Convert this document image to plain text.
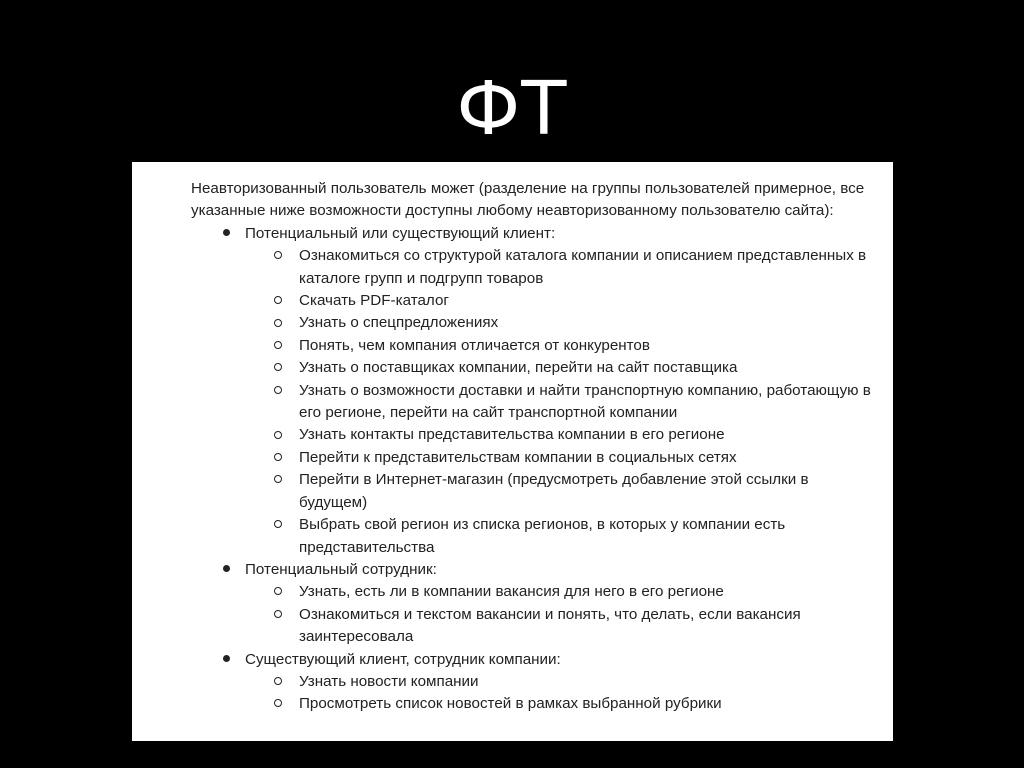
ФТ

Неавторизованный пользователь может (разделение на группы пользователей примерное, все указанные ниже возможности доступны любому неавторизованному пользователю сайта):

Потенциальный или существующий клиент:
Ознакомиться со структурой каталога компании и описанием представленных в каталоге групп и подгрупп товаров
Скачать PDF-каталог
Узнать о спецпредложениях
Понять, чем компания отличается от конкурентов
Узнать о поставщиках компании, перейти на сайт поставщика
Узнать о возможности доставки и найти транспортную компанию, работающую в его регионе, перейти на сайт транспортной компании
Узнать контакты представительства компании в его регионе
Перейти к представительствам компании в социальных сетях
Перейти в Интернет-магазин (предусмотреть добавление этой ссылки в будущем)
Выбрать свой регион из списка регионов, в которых у компании есть представительства
Потенциальный сотрудник:
Узнать, есть ли в компании вакансия для него в его регионе
Ознакомиться и текстом вакансии и понять, что делать, если вакансия заинтересовала
Существующий клиент, сотрудник компании:
Узнать новости компании
Просмотреть список новостей в рамках выбранной рубрики
